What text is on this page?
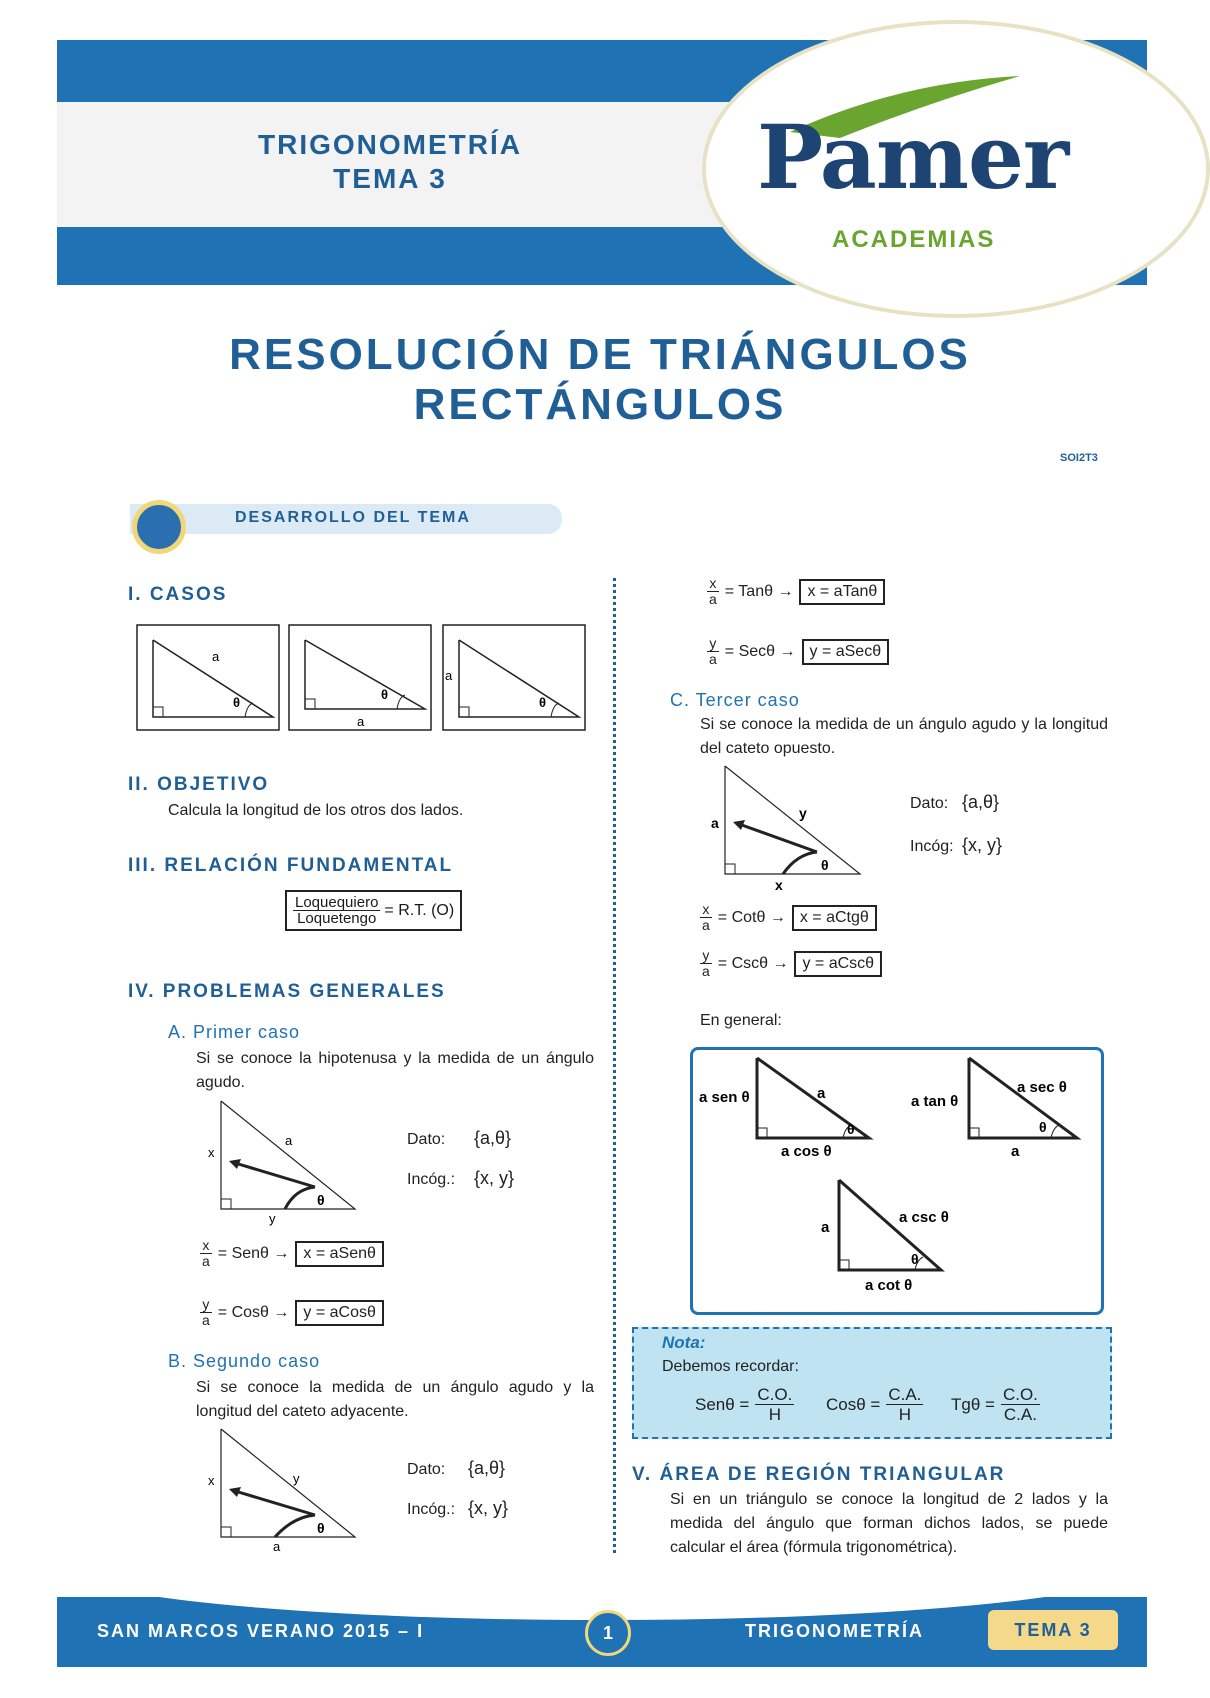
TRIGONOMETRÍA
TEMA 3	Pamer
ACADEMIAS
RESOLUCIÓN DE TRIÁNGULOS
RECTÁNGULOS
SOI2T3
DESARROLLO DEL TEMA
I. CASOS
a
θ
a
θ
a
θ
II. OBJETIVO
Calcula la longitud de los otros dos lados.
III. RELACIÓN FUNDAMENTAL
$\frac{\text{Loquequiero}}{\text{Loquetengo}} = R.T$. (O)
IV. PROBLEMAS GENERALES
A. Primer caso
Si se conoce la hipotenusa y la medida de un ángulo agudo.
x
a
y
θ
Dato: {a,θ}
Incóg.: {x, y}
$\frac{x}{a} = Sen\theta \to x$ = aSenθ
$\frac{y}{a} = Cos\theta \to y$ = aCosθ
B. Segundo caso
Si se conoce la medida de un ángulo agudo y la longitud del cateto adyacente.
x	y
a
θ
Dato: {a,θ}
Incóg.: {x, y}
$\frac{x}{a} = Tan\theta \to x$ = aTanθ
$\frac{y}{a} = Sec\theta \to y$ = aSecθ
C. Tercer caso
Si se conoce la medida de un ángulo agudo y la longitud del cateto opuesto.
a
y
x
θ
Dato: {a,θ}
Incóg: {x, y}
$\frac{x}{a} = Cot\theta \to x$ = aCtgθ
$\frac{y}{a} = Csc\theta \to y$ = aCscθ
En general:
a sen θ	a
a cos θ
θ
a tan θ
a sec θ
a
θ
a
a csc θ
a cot θ
θ
Nota:
Debemos recordar:
$Sen\theta = \frac{C.O.}{H}$ $Cos\theta = \frac{C.A.}{H}$ $Tg\theta = \frac{C.O.}{C.A.}$
V. ÁREA DE REGIÓN TRIANGULAR
Si en un triángulo se conoce la longitud de 2 lados y la medida del ángulo que forman dichos lados, se puede calcular el área (fórmula trigonométrica).
SAN MARCOS VERANO 2015 – I	1	TRIGONOMETRÍA	TEMA 3
